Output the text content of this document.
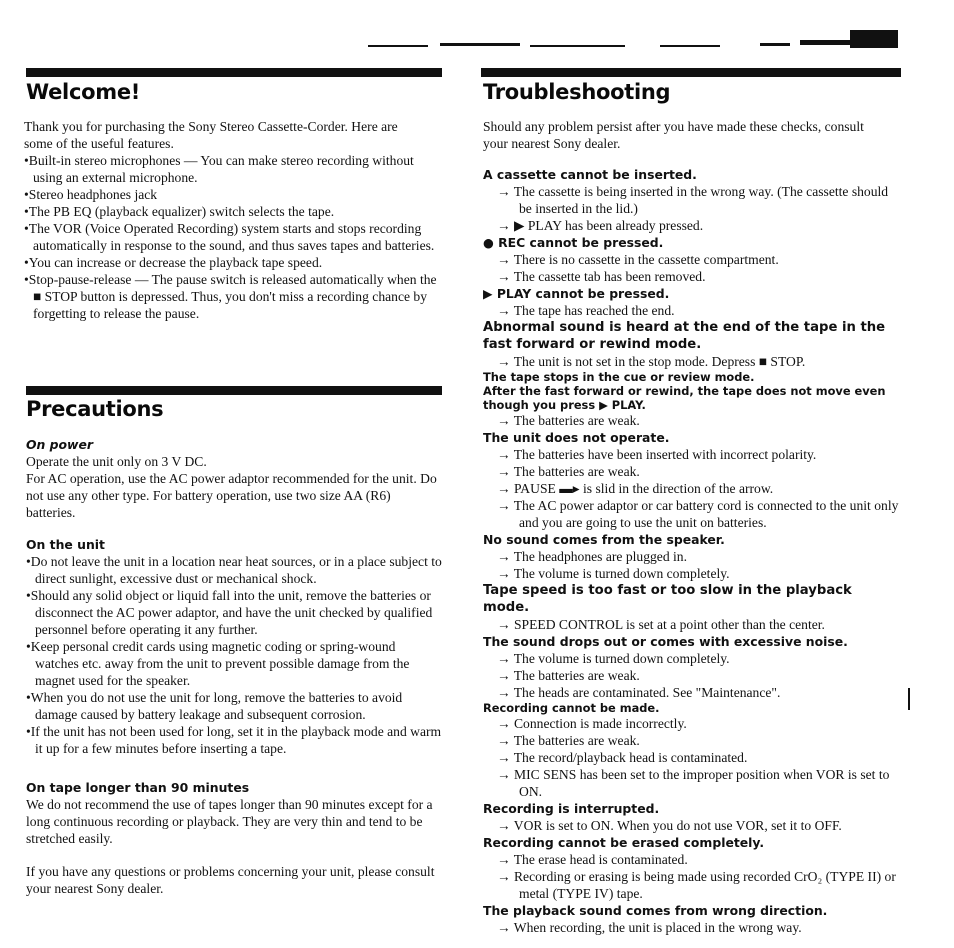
Welcome!

Thank you for purchasing the Sony Stereo Cassette-Corder. Here are some of the useful features.

•Built-in stereo microphones — You can make stereo recording without using an external microphone.

•Stereo headphones jack

•The PB EQ (playback equalizer) switch selects the tape.

•The VOR (Voice Operated Recording) system starts and stops recording automatically in response to the sound, and thus saves tapes and batteries.

•You can increase or decrease the playback tape speed.

•Stop-pause-release — The pause switch is released automatically when the ■ STOP button is depressed. Thus, you don't miss a recording chance by forgetting to release the pause.

Precautions

On power

Operate the unit only on 3 V DC.

For AC operation, use the AC power adaptor recommended for the unit. Do not use any other type. For battery operation, use two size AA (R6) batteries.

On the unit

•Do not leave the unit in a location near heat sources, or in a place subject to direct sunlight, excessive dust or mechanical shock.

•Should any solid object or liquid fall into the unit, remove the batteries or disconnect the AC power adaptor, and have the unit checked by qualified personnel before operating it any further.

•Keep personal credit cards using magnetic coding or spring-wound watches etc. away from the unit to prevent possible damage from the magnet used for the speaker.

•When you do not use the unit for long, remove the batteries to avoid damage caused by battery leakage and subsequent corrosion.

•If the unit has not been used for long, set it in the playback mode and warm it up for a few minutes before inserting a tape.

On tape longer than 90 minutes

We do not recommend the use of tapes longer than 90 minutes except for a long continuous recording or playback. They are very thin and tend to be stretched easily.

If you have any questions or problems concerning your unit, please consult your nearest Sony dealer.

Troubleshooting

Should any problem persist after you have made these checks, consult your nearest Sony dealer.

A cassette cannot be inserted.

→ The cassette is being inserted in the wrong way. (The cassette should be inserted in the lid.)

→ ▶ PLAY has been already pressed.

● REC cannot be pressed.

→ There is no cassette in the cassette compartment.

→ The cassette tab has been removed.

▶ PLAY cannot be pressed.

→ The tape has reached the end.

Abnormal sound is heard at the end of the tape in the fast forward or rewind mode.

→ The unit is not set in the stop mode. Depress ■ STOP.

The tape stops in the cue or review mode.

After the fast forward or rewind, the tape does not move even though you press ▶ PLAY.

→ The batteries are weak.

The unit does not operate.

→ The batteries have been inserted with incorrect polarity.

→ The batteries are weak.

→ PAUSE ▬▸ is slid in the direction of the arrow.

→ The AC power adaptor or car battery cord is connected to the unit only and you are going to use the unit on batteries.

No sound comes from the speaker.

→ The headphones are plugged in.

→ The volume is turned down completely.

Tape speed is too fast or too slow in the playback mode.

→ SPEED CONTROL is set at a point other than the center.

The sound drops out or comes with excessive noise.

→ The volume is turned down completely.

→ The batteries are weak.

→ The heads are contaminated. See "Maintenance".

Recording cannot be made.

→ Connection is made incorrectly.

→ The batteries are weak.

→ The record/playback head is contaminated.

→ MIC SENS has been set to the improper position when VOR is set to ON.

Recording is interrupted.

→ VOR is set to ON. When you do not use VOR, set it to OFF.

Recording cannot be erased completely.

→ The erase head is contaminated.

→ Recording or erasing is being made using recorded CrO₂ (TYPE II) or metal (TYPE IV) tape.

The playback sound comes from wrong direction.

→ When recording, the unit is placed in the wrong way.
